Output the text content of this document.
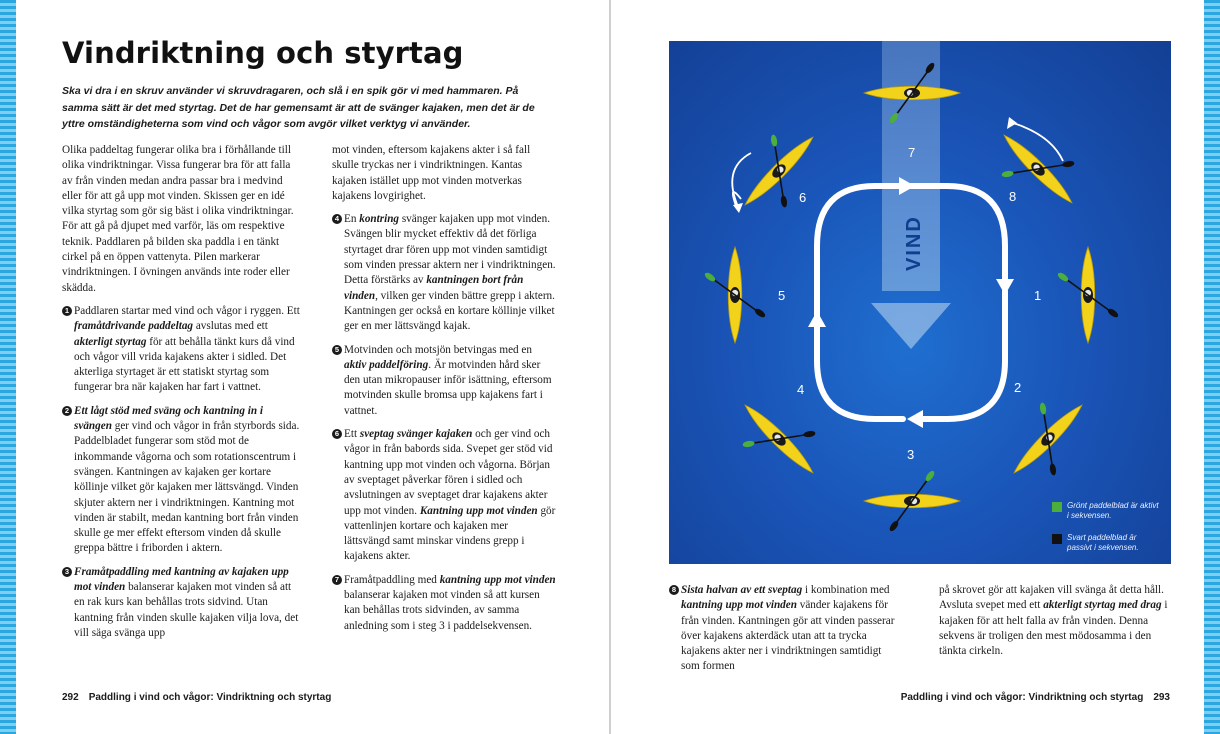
Vindriktning och styrtag

Ska vi dra i en skruv använder vi skruvdragaren, och slå i en spik gör vi med hammaren. På samma sätt är det med styrtag. Det de har gemensamt är att de svänger kajaken, men det är de yttre omständigheterna som vind och vågor som avgör vilket verktyg vi använder.

Olika paddeltag fungerar olika bra i förhållande till olika vindriktningar. Vissa fungerar bra för att falla av från vinden medan andra passar bra i medvind eller för att gå upp mot vinden. Skissen ger en idé vilka styrtag som gör sig bäst i olika vindriktningar. För att gå på djupet med varför, läs om respektive teknik. Paddlaren på bilden ska paddla i en tänkt cirkel på en öppen vattenyta. Pilen markerar vindriktningen. I övningen används inte roder eller skädda.

1 Paddlaren startar med vind och vågor i ryggen. Ett framåtdrivande paddeltag avslutas med ett akterligt styrtag för att behålla tänkt kurs då vind och vågor vill vrida kajakens akter i sidled. Det akterliga styrtaget är ett statiskt styrtag som fungerar bra när kajaken har fart i vattnet.

2 Ett lågt stöd med sväng och kantning in i svängen ger vind och vågor in från styrbords sida. Paddelbladet fungerar som stöd mot de inkommande vågorna och som rotationscentrum i svängen. Kantningen av kajaken ger kortare köllinje vilket gör kajaken mer lättsvängd. Vinden skjuter aktern ner i vindriktningen. Kantning mot vinden är stabilt, medan kantning bort från vinden skulle ge mer effekt eftersom vinden då skulle greppa bättre i friborden i aktern.

3 Framåtpaddling med kantning av kajaken upp mot vinden balanserar kajaken mot vinden så att en rak kurs kan behållas trots sidvind. Utan kantning från vinden skulle kajaken vilja lova, det vill säga svänga upp

mot vinden, eftersom kajakens akter i så fall skulle tryckas ner i vindriktningen. Kantas kajaken istället upp mot vinden motverkas kajakens lovgirighet.

4 En kontring svänger kajaken upp mot vinden. Svängen blir mycket effektiv då det förliga styrtaget drar fören upp mot vinden samtidigt som vinden pressar aktern ner i vindriktningen. Detta förstärks av kantningen bort från vinden, vilken ger vinden bättre grepp i aktern. Kantningen ger också en kortare köllinje vilket ger en mer lättsvängd kajak.

5 Motvinden och motsjön betvingas med en aktiv paddelföring. Är motvinden hård sker den utan mikropauser inför isättning, eftersom motvinden skulle bromsa upp kajakens fart i vattnet.

6 Ett sveptag svänger kajaken och ger vind och vågor in från babords sida. Svepet ger stöd vid kantning upp mot vinden och vågorna. Början av sveptaget påverkar fören i sidled och avslutningen av sveptaget drar kajakens akter upp mot vinden. Kantning upp mot vinden gör vattenlinjen kortare och kajaken mer lättsvängd samt minskar vindens grepp i kajakens akter.

7 Framåtpaddling med kantning upp mot vinden balanserar kajaken mot vinden så att kursen kan behållas trots sidvinden, av samma anledning som i steg 3 i paddelsekvensen.

292 Paddling i vind och vågor: Vindriktning och styrtag
VIND
7
8
1
2
3
4
5
6
Grönt paddelblad är aktivt i sekvensen.
Svart paddelblad är passivt i sekvensen.

8 Sista halvan av ett sveptag i kombination med kantning upp mot vinden vänder kajakens för från vinden. Kantningen gör att vinden passerar över kajakens akterdäck utan att ta trycka kajakens akter ner i vindriktningen samtidigt som formen

på skrovet gör att kajaken vill svänga åt detta håll. Avsluta svepet med ett akterligt styrtag med drag i kajaken för att helt falla av från vinden. Denna sekvens är troligen den mest mödosamma i den tänkta cirkeln.

Paddling i vind och vågor: Vindriktning och styrtag 293
